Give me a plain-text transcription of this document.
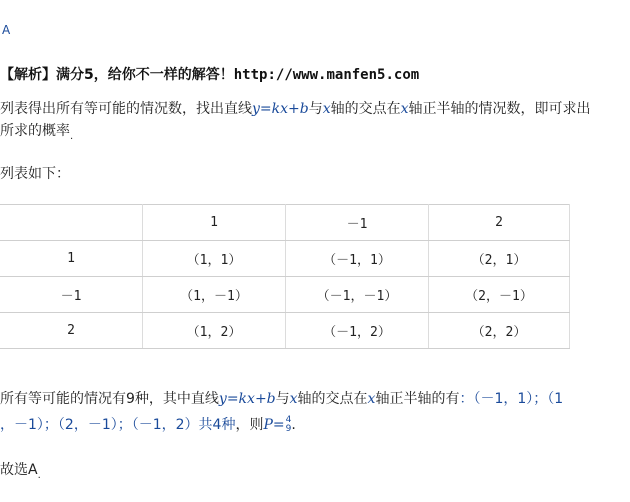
A
【解析】满分5，给你不一样的解答！http://www.manfen5.com
列表得出所有等可能的情况数，找出直线y=kx+b与x轴的交点在x轴正半轴的情况数，即可求出
所求的概率$_.$
列表如下：
	1	－1	2
1	（1，1）	（－1，1）	（2，1）
－1	（1，－1）	（－1，－1）	（2，－1）
2	（1，2）	（－1，2）	（2，2）
所有等可能的情况有9种，其中直线y=kx+b与x轴的交点在x轴正半轴的有：（－1，1）；（1
，－1）；（2，－1）；（－1，2）共4种，则P= 4
9 .
故选$A_.$
